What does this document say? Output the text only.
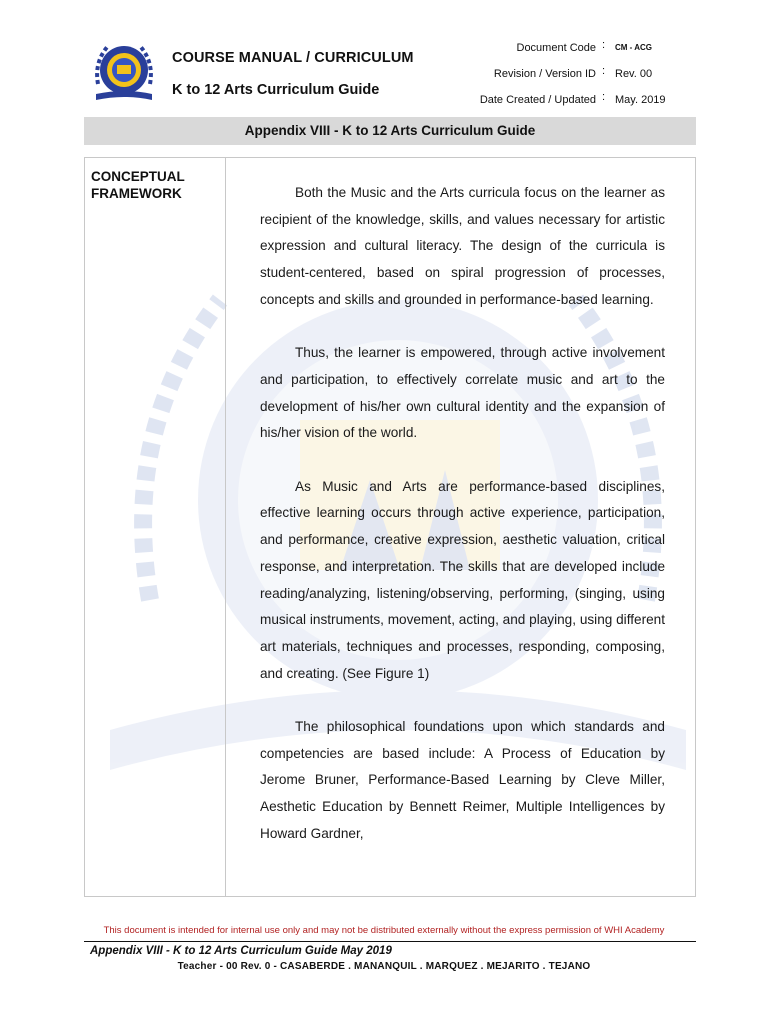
COURSE MANUAL / CURRICULUM
K to 12 Arts Curriculum Guide
Document Code : CM - ACG
Revision / Version ID : Rev. 00
Date Created / Updated : May. 2019
Appendix VIII - K to 12 Arts Curriculum Guide
CONCEPTUAL
FRAMEWORK	Both the Music and the Arts curricula focus on the learner as recipient of the knowledge, skills, and values necessary for artistic expression and cultural literacy. The design of the curricula is student-centered, based on spiral progression of processes, concepts and skills and grounded in performance-based learning.

Thus, the learner is empowered, through active involvement and participation, to effectively correlate music and art to the development of his/her own cultural identity and the expansion of his/her vision of the world.

As Music and Arts are performance-based disciplines, effective learning occurs through active experience, participation, and performance, creative expression, aesthetic valuation, critical response, and interpretation. The skills that are developed include reading/analyzing, listening/observing, performing, (singing, using musical instruments, movement, acting, and playing, using different art materials, techniques and processes, responding, composing, and creating. (See Figure 1)

The philosophical foundations upon which standards and competencies are based include: A Process of Education by Jerome Bruner, Performance-Based Learning by Cleve Miller, Aesthetic Education by Bennett Reimer, Multiple Intelligences by Howard Gardner,

This document is intended for internal use only and may not be distributed externally without the express permission of WHI Academy
Appendix VIII - K to 12 Arts Curriculum Guide May 2019
Teacher - 00 Rev. 0 - CASABERDE . MANANQUIL . MARQUEZ . MEJARITO . TEJANO
